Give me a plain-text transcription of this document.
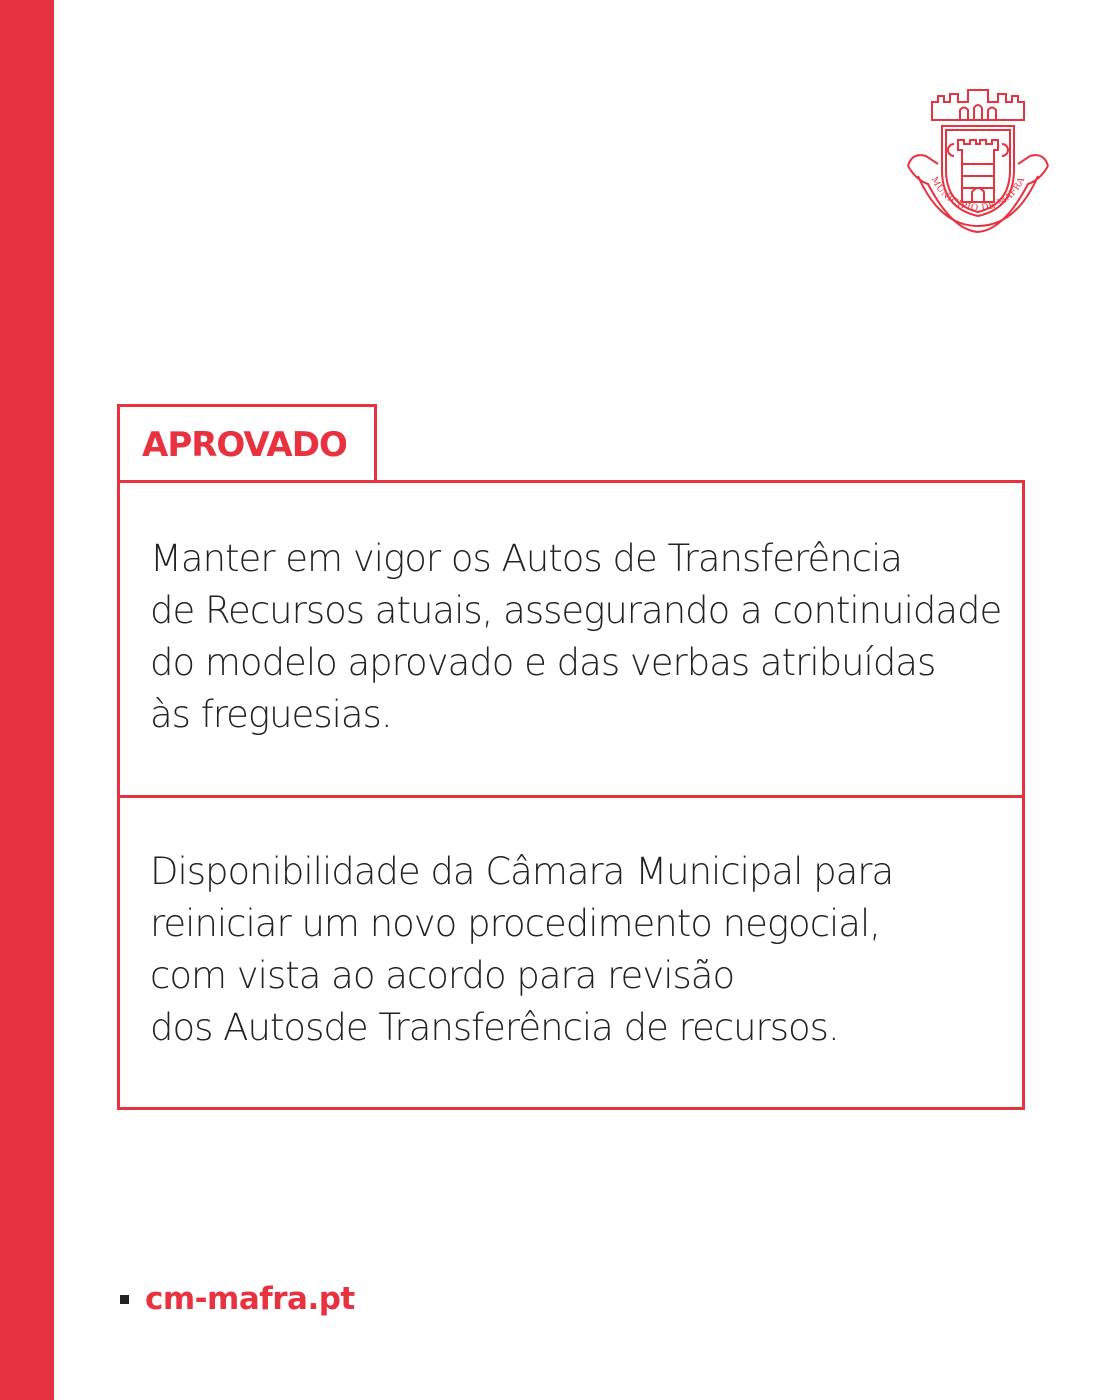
MUNICÍPIO DE MAFRA
APROVADO

Manter em vigor os Autos de Transferência
de Recursos atuais, assegurando a continuidade
do modelo aprovado e das verbas atribuídas
às freguesias.

Disponibilidade da Câmara Municipal para
reiniciar um novo procedimento negocial,
com vista ao acordo para revisão
dos Autosde Transferência de recursos.

cm-mafra.pt
